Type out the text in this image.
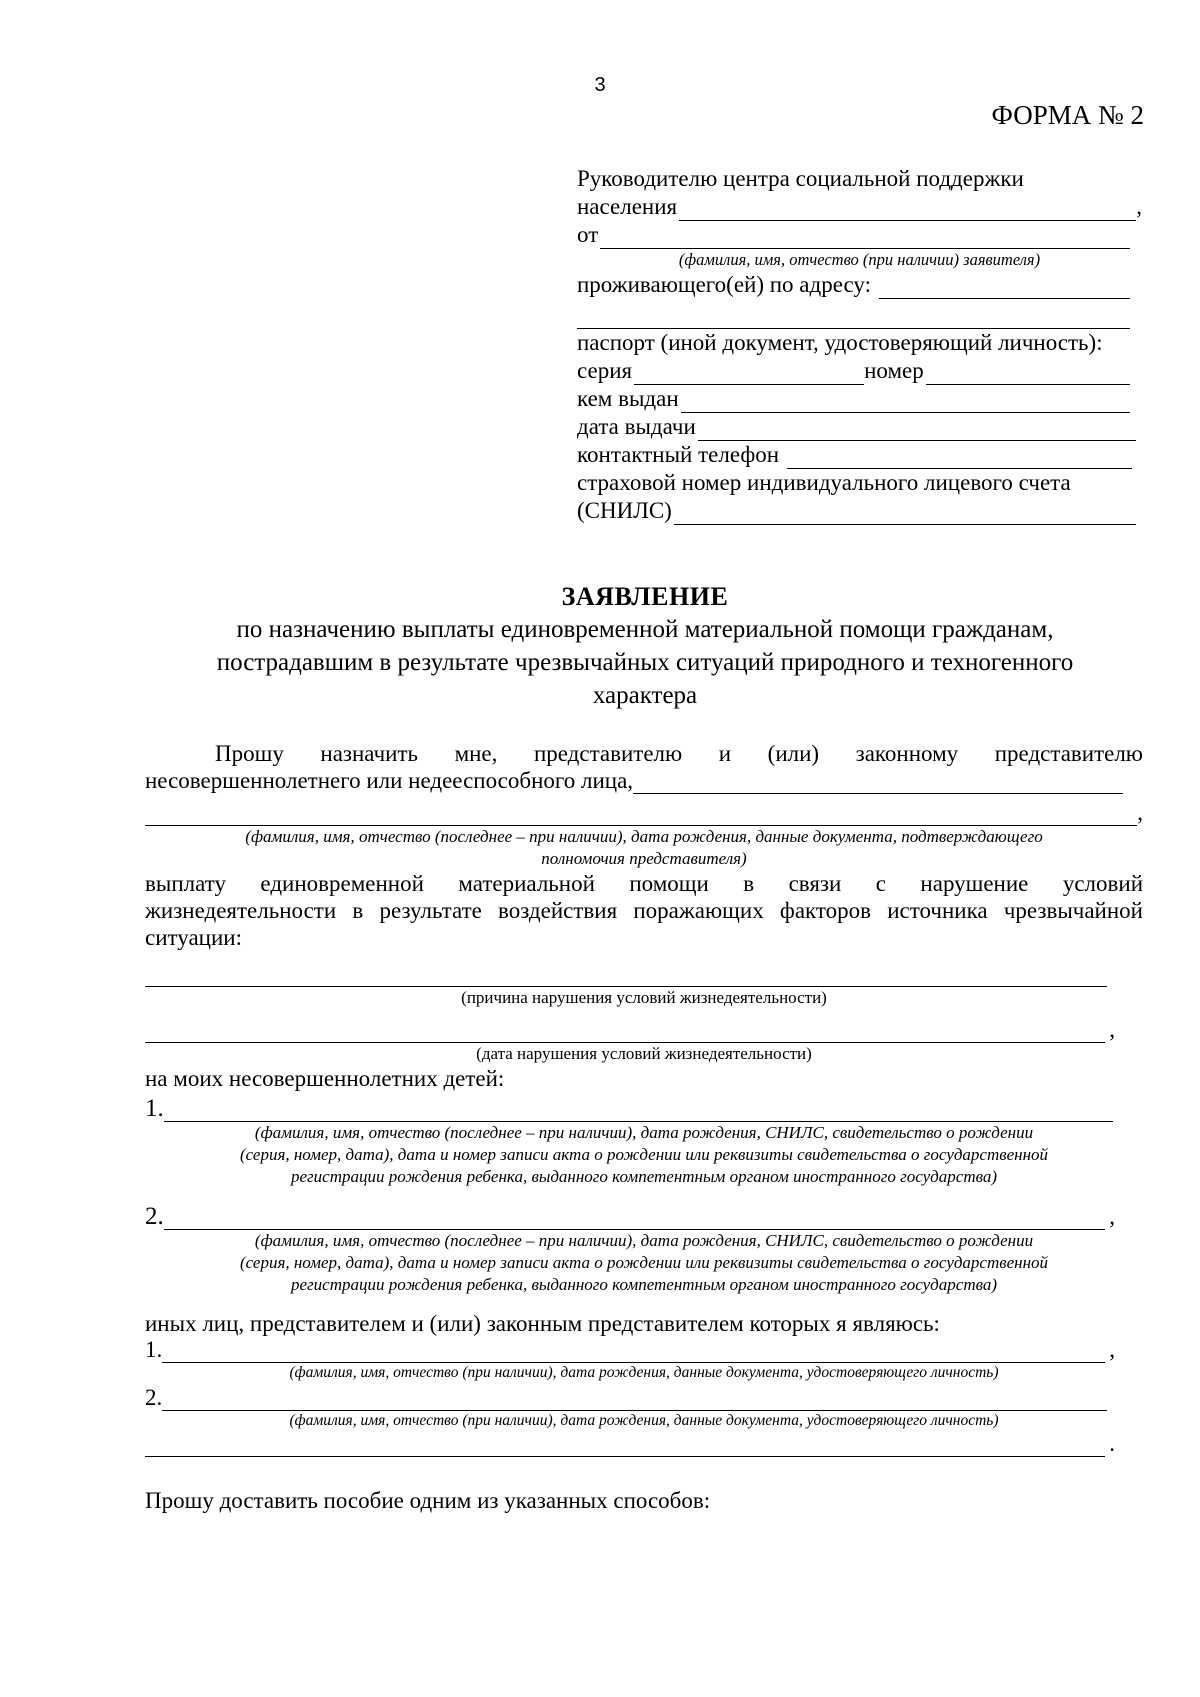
3
ФОРМА № 2
Руководителю центра социальной поддержки
населения	,
от
(фамилия, имя, отчество (при наличии) заявителя)
проживающего(ей) по адресу:
паспорт (иной документ, удостоверяющий личность):
серия	номер
кем выдан
дата выдачи
контактный телефон
страховой номер индивидуального лицевого счета
(СНИЛС)
ЗАЯВЛЕНИЕ
по назначению выплаты единовременной материальной помощи гражданам,
пострадавшим в результате чрезвычайных ситуаций природного и техногенного
характера
Прошу назначить мне, представителю и (или) законному представителю
несовершеннолетнего или недееспособного лица,
,
(фамилия, имя, отчество (последнее – при наличии), дата рождения, данные документа, подтверждающего
полномочия представителя)
выплату единовременной материальной помощи в связи с нарушение условий
жизнедеятельности в результате воздействия поражающих факторов источника чрезвычайной
ситуации:
(причина нарушения условий жизнедеятельности)
,
(дата нарушения условий жизнедеятельности)
на моих несовершеннолетних детей:
1.
(фамилия, имя, отчество (последнее – при наличии), дата рождения, СНИЛС, свидетельство о рождении
(серия, номер, дата), дата и номер записи акта о рождении или реквизиты свидетельства о государственной
регистрации рождения ребенка, выданного компетентным органом иностранного государства)
2.	,
(фамилия, имя, отчество (последнее – при наличии), дата рождения, СНИЛС, свидетельство о рождении
(серия, номер, дата), дата и номер записи акта о рождении или реквизиты свидетельства о государственной
регистрации рождения ребенка, выданного компетентным органом иностранного государства)
иных лиц, представителем и (или) законным представителем которых я являюсь:
1.	,
(фамилия, имя, отчество (при наличии), дата рождения, данные документа, удостоверяющего личность)
2.
(фамилия, имя, отчество (при наличии), дата рождения, данные документа, удостоверяющего личность)
.
Прошу доставить пособие одним из указанных способов:
